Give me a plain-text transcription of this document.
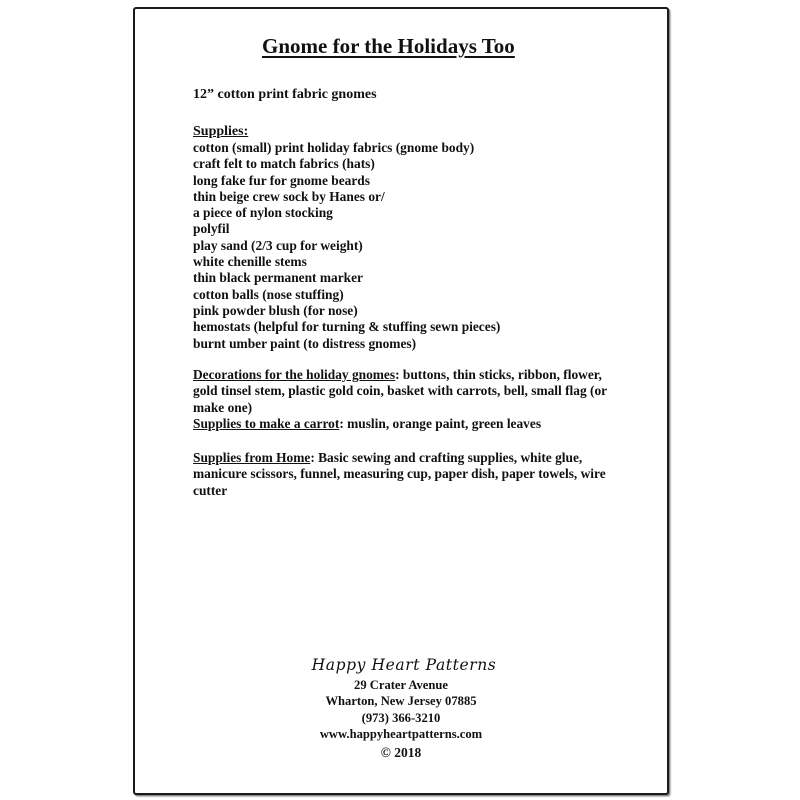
Gnome for the Holidays Too
12” cotton print fabric gnomes
Supplies:
cotton (small) print holiday fabrics (gnome body)
craft felt to match fabrics (hats)
long fake fur for gnome beards
thin beige crew sock by Hanes or/
a piece of nylon stocking
polyfil
play sand (2/3 cup for weight)
white chenille stems
thin black permanent marker
cotton balls (nose stuffing)
pink powder blush (for nose)
hemostats (helpful for turning & stuffing sewn pieces)
burnt umber paint (to distress gnomes)
Decorations for the holiday gnomes: buttons, thin sticks, ribbon, flower, gold tinsel stem, plastic gold coin, basket with carrots, bell, small flag (or make one)
Supplies to make a carrot: muslin, orange paint, green leaves
Supplies from Home: Basic sewing and crafting supplies, white glue, manicure scissors, funnel, measuring cup, paper dish, paper towels, wire cutter
Happy Heart Patterns
29 Crater Avenue
Wharton, New Jersey 07885
(973) 366-3210
www.happyheartpatterns.com
© 2018
